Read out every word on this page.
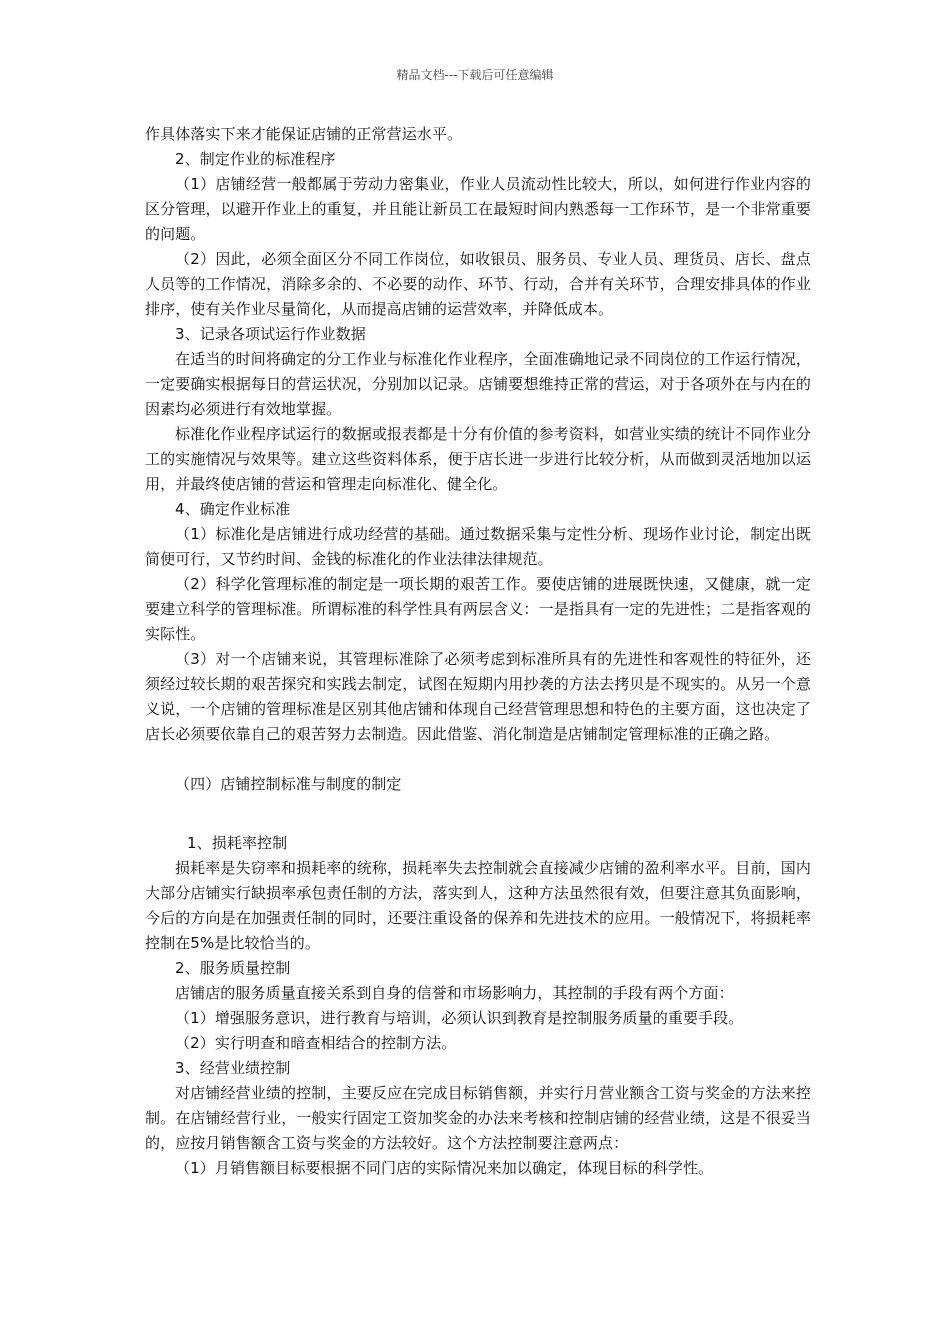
精品文档---下载后可任意编辑

作具体落实下来才能保证店铺的正常营运水平。

2、制定作业的标准程序

（1）店铺经营一般都属于劳动力密集业，作业人员流动性比较大，所以，如何进行作业内容的区分管理，以避开作业上的重复，并且能让新员工在最短时间内熟悉每一工作环节，是一个非常重要的问题。

（2）因此，必须全面区分不同工作岗位，如收银员、服务员、专业人员、理货员、店长、盘点人员等的工作情况，消除多余的、不必要的动作、环节、行动，合并有关环节，合理安排具体的作业排序，使有关作业尽量简化，从而提高店铺的运营效率，并降低成本。

3、记录各项试运行作业数据

在适当的时间将确定的分工作业与标准化作业程序，全面准确地记录不同岗位的工作运行情况，一定要确实根据每日的营运状况，分别加以记录。店铺要想维持正常的营运，对于各项外在与内在的因素均必须进行有效地掌握。

标准化作业程序试运行的数据或报表都是十分有价值的参考资料，如营业实绩的统计不同作业分工的实施情况与效果等。建立这些资料体系，便于店长进一步进行比较分析，从而做到灵活地加以运用，并最终使店铺的营运和管理走向标准化、健全化。

4、确定作业标准

（1）标准化是店铺进行成功经营的基础。通过数据采集与定性分析、现场作业讨论，制定出既简便可行，又节约时间、金钱的标准化的作业法律法律规范。

（2）科学化管理标准的制定是一项长期的艰苦工作。要使店铺的进展既快速，又健康，就一定要建立科学的管理标准。所谓标准的科学性具有两层含义：一是指具有一定的先进性；二是指客观的实际性。

（3）对一个店铺来说，其管理标准除了必须考虑到标准所具有的先进性和客观性的特征外，还须经过较长期的艰苦探究和实践去制定，试图在短期内用抄袭的方法去拷贝是不现实的。从另一个意义说，一个店铺的管理标准是区别其他店铺和体现自己经营管理思想和特色的主要方面，这也决定了店长必须要依靠自己的艰苦努力去制造。因此借鉴、消化制造是店铺制定管理标准的正确之路。

（四）店铺控制标准与制度的制定

1、损耗率控制

损耗率是失窃率和损耗率的统称，损耗率失去控制就会直接减少店铺的盈利率水平。目前，国内大部分店铺实行缺损率承包责任制的方法，落实到人，这种方法虽然很有效，但要注意其负面影响，今后的方向是在加强责任制的同时，还要注重设备的保养和先进技术的应用。一般情况下，将损耗率控制在5%是比较恰当的。

2、服务质量控制

店铺店的服务质量直接关系到自身的信誉和市场影响力，其控制的手段有两个方面：

（1）增强服务意识，进行教育与培训，必须认识到教育是控制服务质量的重要手段。

（2）实行明查和暗查相结合的控制方法。

3、经营业绩控制

对店铺经营业绩的控制，主要反应在完成目标销售额，并实行月营业额含工资与奖金的方法来控制。在店铺经营行业，一般实行固定工资加奖金的办法来考核和控制店铺的经营业绩，这是不很妥当的，应按月销售额含工资与奖金的方法较好。这个方法控制要注意两点：

（1）月销售额目标要根据不同门店的实际情况来加以确定，体现目标的科学性。
